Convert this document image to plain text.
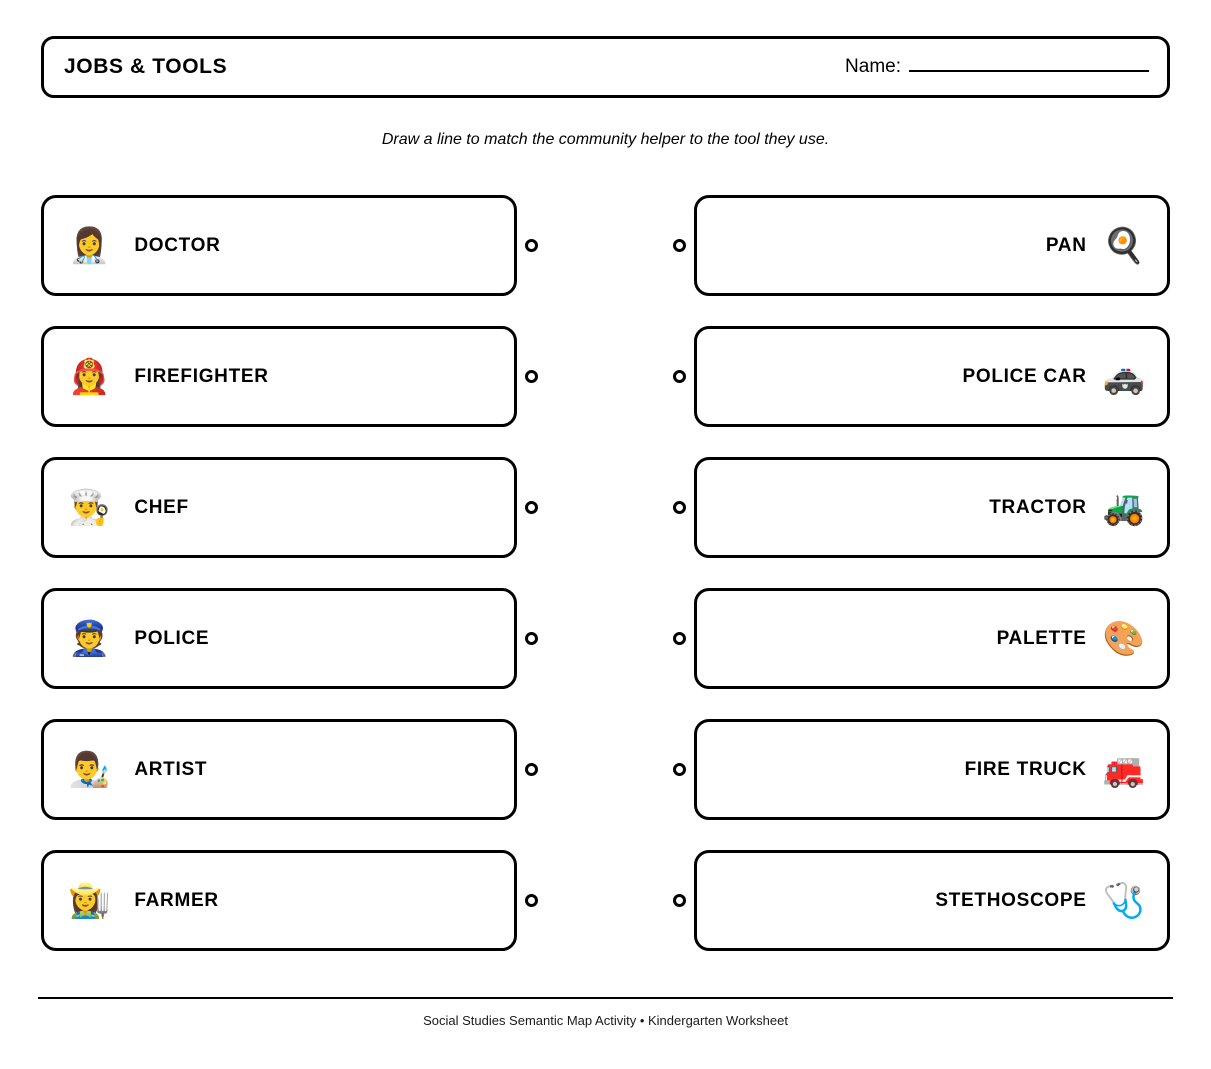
JOBS & TOOLS	Name:
Draw a line to match the community helper to the tool they use.
👩‍⚕️ DOCTOR	PAN 🍳
👩‍🚒 FIREFIGHTER	POLICE CAR 🚓
👨‍🍳 CHEF	TRACTOR 🚜
👮 POLICE	PALETTE 🎨
👨‍🎨 ARTIST	FIRE TRUCK 🚒
👩‍🌾 FARMER	STETHOSCOPE 🩺
Social Studies Semantic Map Activity • Kindergarten Worksheet
